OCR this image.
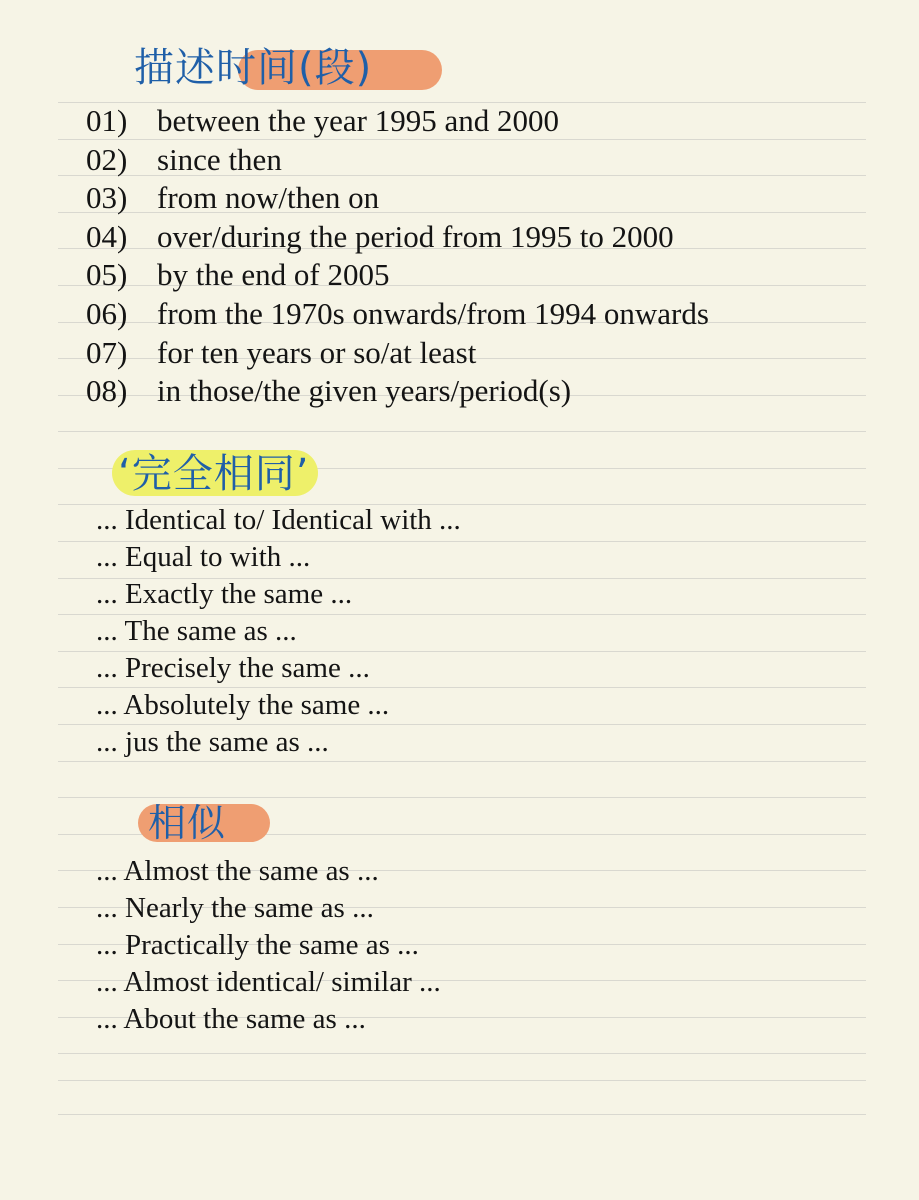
描述时间(段)
01) between the year 1995 and 2000
02) since then
03) from now/then on
04) over/during the period from 1995 to 2000
05) by the end of 2005
06) from the 1970s onwards/from 1994 onwards
07) for ten years or so/at least
08) in those/the given years/period(s)
‘完全相同’
... Identical to/ Identical with ...
... Equal to with ...
... Exactly the same ...
... The same as ...
... Precisely the same ...
... Absolutely the same ...
... jus the same as ...
相似
... Almost the same as ...
... Nearly the same as ...
... Practically the same as ...
... Almost identical/ similar ...
... About the same as ...
